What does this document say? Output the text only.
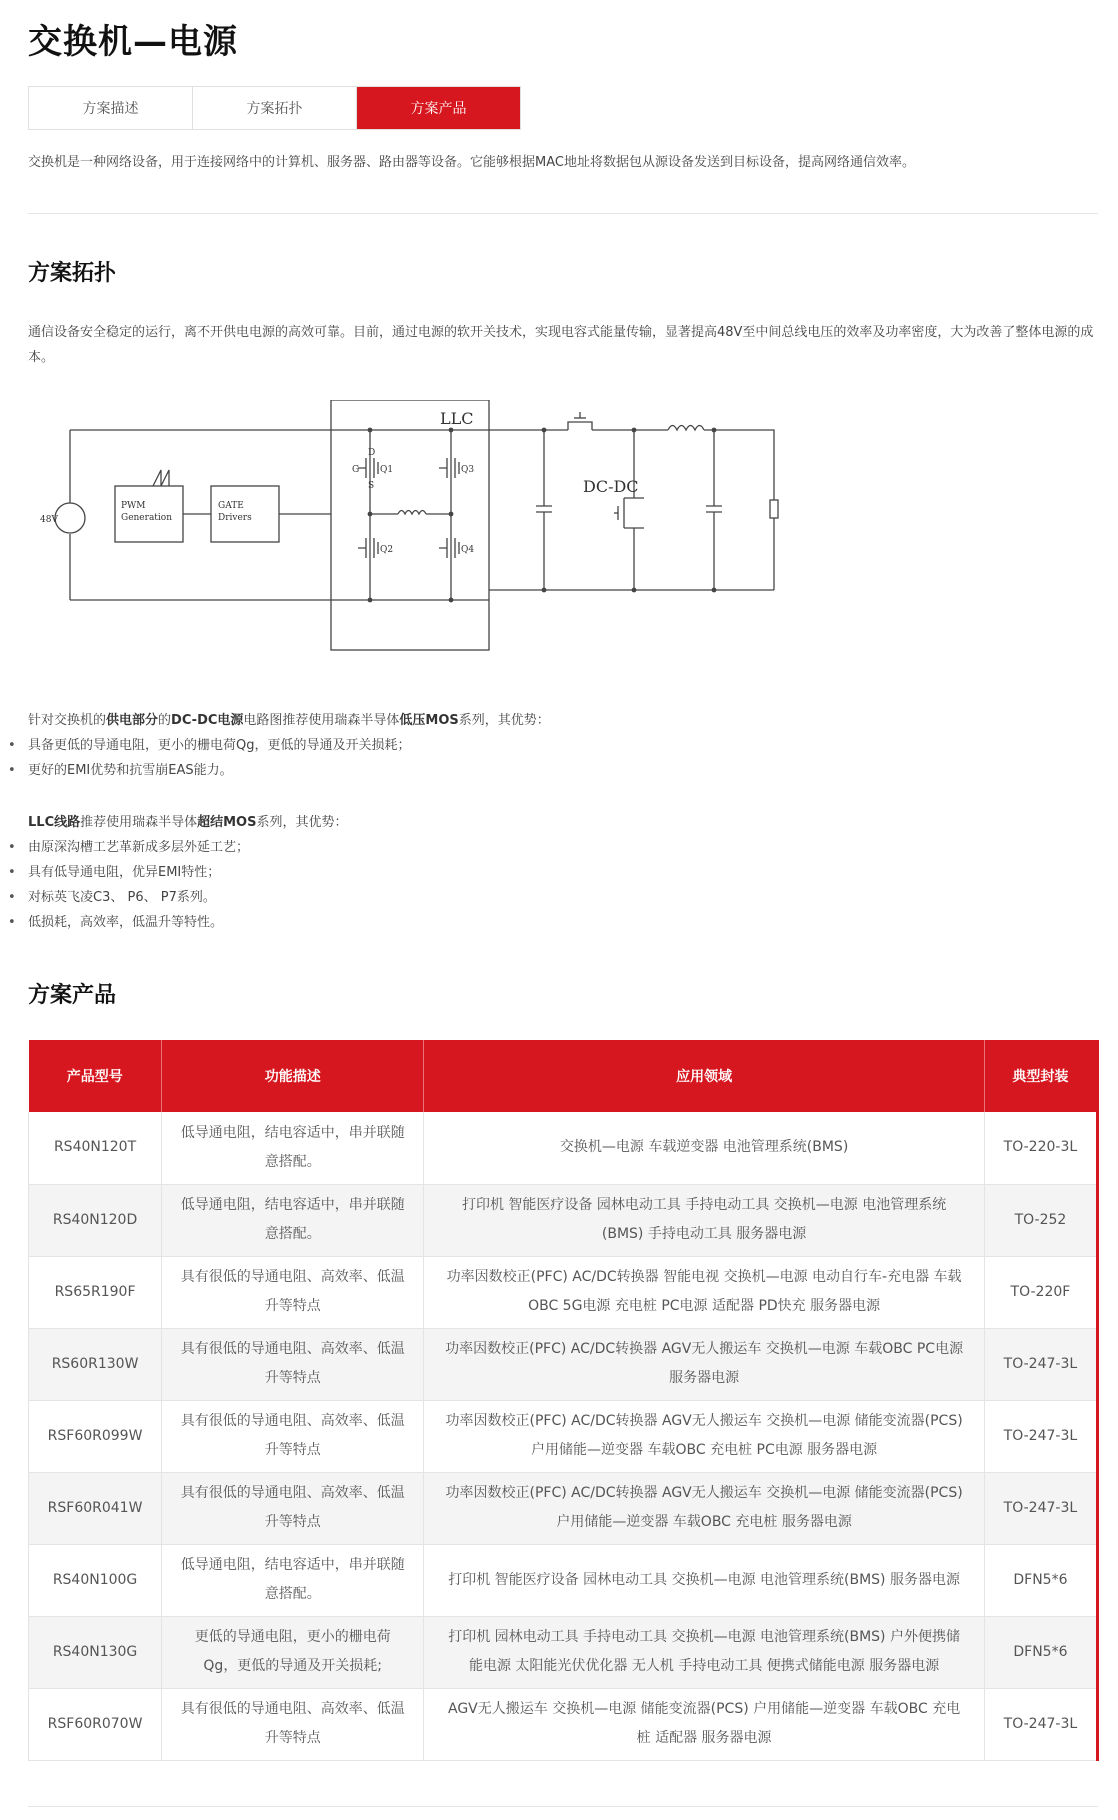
交换机—电源
方案描述	方案拓扑	方案产品

交换机是一种网络设备，用于连接网络中的计算机、服务器、路由器等设备。它能够根据MAC地址将数据包从源设备发送到目标设备，提高网络通信效率。

方案拓扑

通信设备安全稳定的运行，离不开供电电源的高效可靠。目前，通过电源的软开关技术，实现电容式能量传输，显著提高48V至中间总线电压的效率及功率密度，大为改善了整体电源的成本。

48V
PWM
Generation
GATE
Drivers
Q1
Q2
Q3
Q4
G
D
S
LLC
DC-DC

针对交换机的供电部分的DC-DC电源电路图推荐使用瑞森半导体低压MOS系列，其优势：

• 具备更低的导通电阻，更小的栅电荷Qg，更低的导通及开关损耗；
• 更好的EMI优势和抗雪崩EAS能力。

LLC线路推荐使用瑞森半导体超结MOS系列，其优势：

• 由原深沟槽工艺革新成多层外延工艺；
• 具有低导通电阻，优异EMI特性；
• 对标英飞凌C3、 P6、 P7系列。
• 低损耗，高效率，低温升等特性。
方案产品
产品型号	功能描述	应用领域	典型封装
RS40N120T	低导通电阻，结电容适中，串并联随意搭配。	交换机—电源 车载逆变器 电池管理系统(BMS)	TO-220-3L
RS40N120D	低导通电阻，结电容适中，串并联随意搭配。	打印机 智能医疗设备 园林电动工具 手持电动工具 交换机—电源 电池管理系统(BMS) 手持电动工具 服务器电源	TO-252
RS65R190F	具有很低的导通电阻、高效率、低温升等特点	功率因数校正(PFC) AC/DC转换器 智能电视 交换机—电源 电动自行车-充电器 车载OBC 5G电源 充电桩 PC电源 适配器 PD快充 服务器电源	TO-220F
RS60R130W	具有很低的导通电阻、高效率、低温升等特点	功率因数校正(PFC) AC/DC转换器 AGV无人搬运车 交换机—电源 车载OBC PC电源 服务器电源	TO-247-3L
RSF60R099W	具有很低的导通电阻、高效率、低温升等特点	功率因数校正(PFC) AC/DC转换器 AGV无人搬运车 交换机—电源 储能变流器(PCS) 户用储能—逆变器 车载OBC 充电桩 PC电源 服务器电源	TO-247-3L
RSF60R041W	具有很低的导通电阻、高效率、低温升等特点	功率因数校正(PFC) AC/DC转换器 AGV无人搬运车 交换机—电源 储能变流器(PCS) 户用储能—逆变器 车载OBC 充电桩 服务器电源	TO-247-3L
RS40N100G	低导通电阻，结电容适中，串并联随意搭配。	打印机 智能医疗设备 园林电动工具 交换机—电源 电池管理系统(BMS) 服务器电源	DFN5*6
RS40N130G	更低的导通电阻，更小的栅电荷Qg，更低的导通及开关损耗;	打印机 园林电动工具 手持电动工具 交换机—电源 电池管理系统(BMS) 户外便携储能电源 太阳能光伏优化器 无人机 手持电动工具 便携式储能电源 服务器电源	DFN5*6
RSF60R070W	具有很低的导通电阻、高效率、低温升等特点	AGV无人搬运车 交换机—电源 储能变流器(PCS) 户用储能—逆变器 车载OBC 充电桩 适配器 服务器电源	TO-247-3L
